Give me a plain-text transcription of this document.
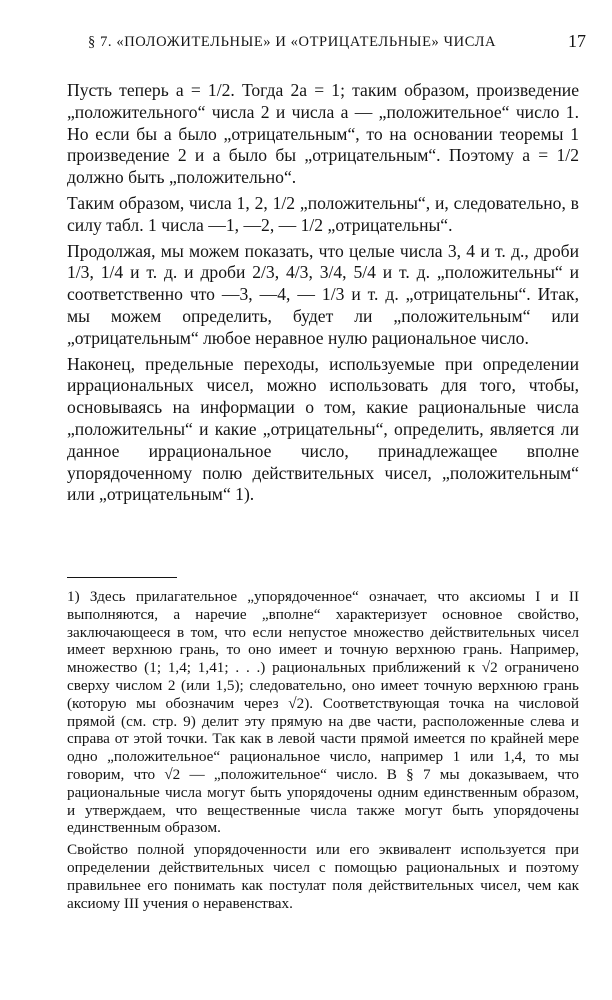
§ 7. «ПОЛОЖИТЕЛЬНЫЕ» И «ОТРИЦАТЕЛЬНЫЕ» ЧИСЛА	17

Пусть теперь a = 1/2. Тогда 2a = 1; таким образом, произведение „положительного“ числа 2 и числа a — „положительное“ число 1. Но если бы a было „отрицательным“, то на основании теоремы 1 произведение 2 и a было бы „отрицательным“. Поэтому a = 1/2 должно быть „положительно“.

Таким образом, числа 1, 2, 1/2 „положительны“, и, следовательно, в силу табл. 1 числа —1, —2, — 1/2 „отрицательны“.

Продолжая, мы можем показать, что целые числа 3, 4 и т. д., дроби 1/3, 1/4 и т. д. и дроби 2/3, 4/3, 3/4, 5/4 и т. д. „положительны“ и соответственно что —3, —4, — 1/3 и т. д. „отрицательны“. Итак, мы можем определить, будет ли „положительным“ или „отрицательным“ любое неравное нулю рациональное число.

Наконец, предельные переходы, используемые при определении иррациональных чисел, можно использовать для того, чтобы, основываясь на информации о том, какие рациональные числа „положительны“ и какие „отрицательны“, определить, является ли данное иррациональное число, принадлежащее вполне упорядоченному полю действительных чисел, „положительным“ или „отрицательным“ 1).

1) Здесь прилагательное „упорядоченное“ означает, что аксиомы I и II выполняются, а наречие „вполне“ характеризует основное свойство, заключающееся в том, что если непустое множество действительных чисел имеет верхнюю грань, то оно имеет и точную верхнюю грань. Например, множество (1; 1,4; 1,41; . . .) рациональных приближений к √2 ограничено сверху числом 2 (или 1,5); следовательно, оно имеет точную верхнюю грань (которую мы обозначим через √2). Соответствующая точка на числовой прямой (см. стр. 9) делит эту прямую на две части, расположенные слева и справа от этой точки. Так как в левой части прямой имеется по крайней мере одно „положительное“ рациональное число, например 1 или 1,4, то мы говорим, что √2 — „положительное“ число. В § 7 мы доказываем, что рациональные числа могут быть упорядочены одним единственным образом, и утверждаем, что вещественные числа также могут быть упорядочены единственным образом.

Свойство полной упорядоченности или его эквивалент используется при определении действительных чисел с помощью рациональных и поэтому правильнее его понимать как постулат поля действительных чисел, чем как аксиому III учения о неравенствах.
